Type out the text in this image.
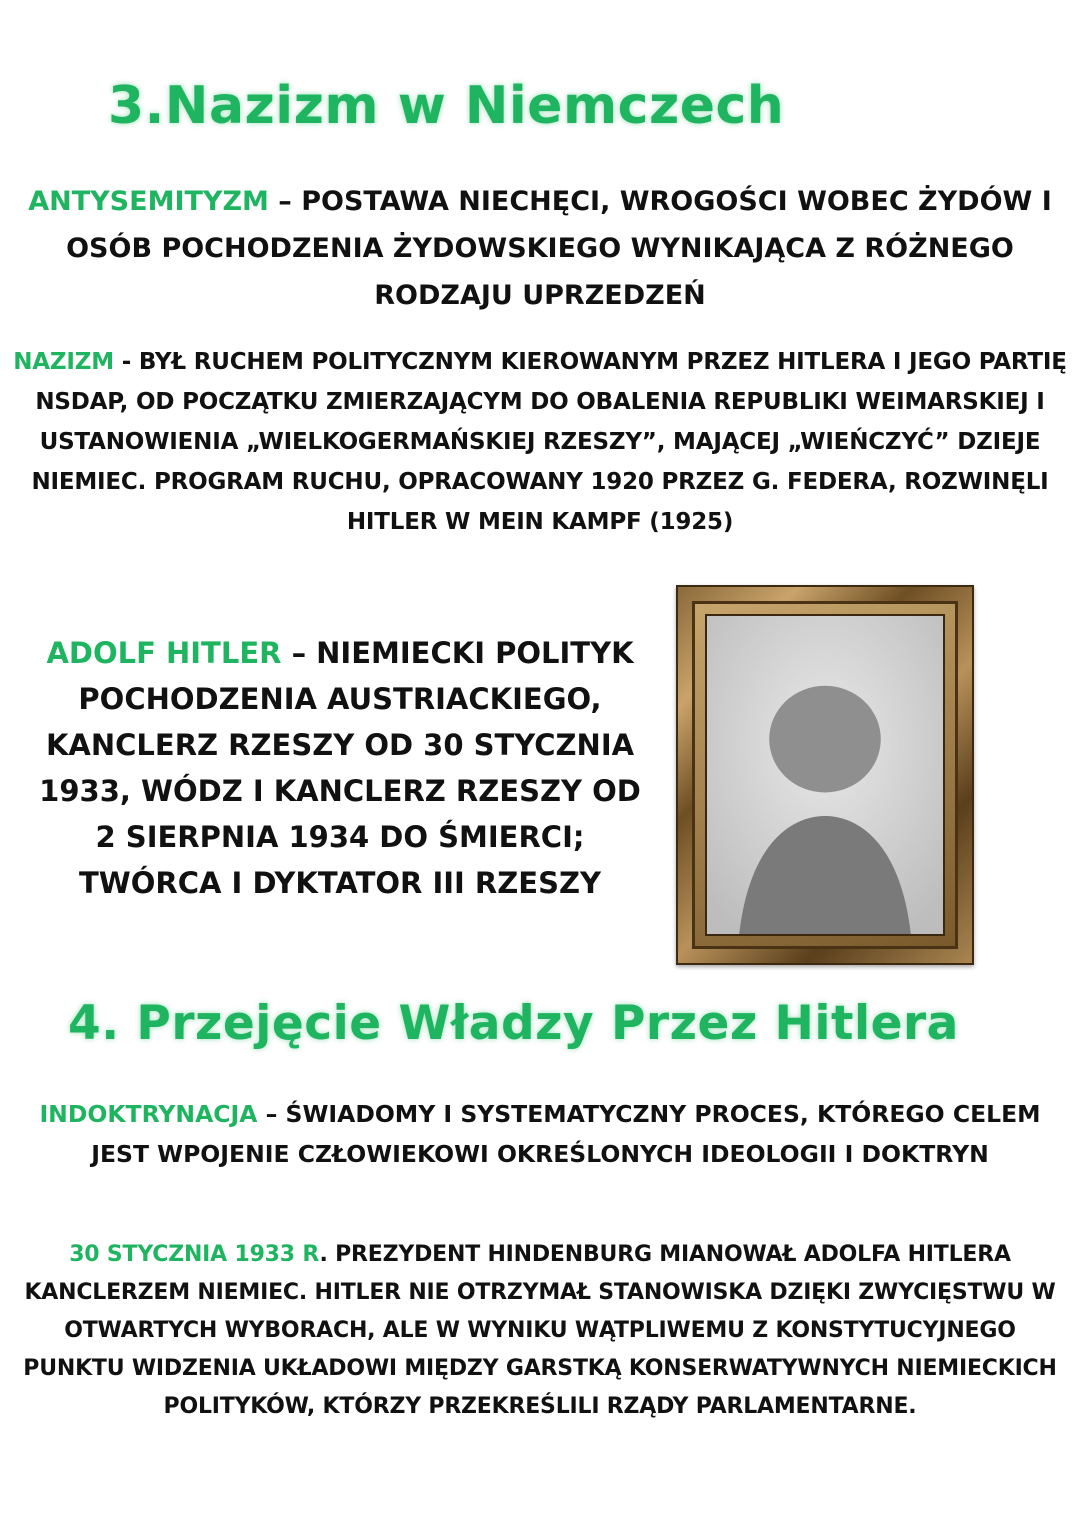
3.Nazizm w Niemczech

ANTYSEMITYZM – POSTAWA NIECHĘCI, WROGOŚCI WOBEC ŻYDÓW I OSÓB POCHODZENIA ŻYDOWSKIEGO WYNIKAJĄCA Z RÓŻNEGO RODZAJU UPRZEDZEŃ

NAZIZM - BYŁ RUCHEM POLITYCZNYM KIEROWANYM PRZEZ HITLERA I JEGO PARTIĘ NSDAP, OD POCZĄTKU ZMIERZAJĄCYM DO OBALENIA REPUBLIKI WEIMARSKIEJ I USTANOWIENIA „WIELKOGERMAŃSKIEJ RZESZY”, MAJĄCEJ „WIEŃCZYĆ” DZIEJE NIEMIEC. PROGRAM RUCHU, OPRACOWANY 1920 PRZEZ G. FEDERA, ROZWINĘLI HITLER W MEIN KAMPF (1925)

ADOLF HITLER – NIEMIECKI POLITYK POCHODZENIA AUSTRIACKIEGO, KANCLERZ RZESZY OD 30 STYCZNIA 1933, WÓDZ I KANCLERZ RZESZY OD 2 SIERPNIA 1934 DO ŚMIERCI; TWÓRCA I DYKTATOR III RZESZY

4. Przejęcie Władzy Przez Hitlera

INDOKTRYNACJA – ŚWIADOMY I SYSTEMATYCZNY PROCES, KTÓREGO CELEM JEST WPOJENIE CZŁOWIEKOWI OKREŚLONYCH IDEOLOGII I DOKTRYN

30 STYCZNIA 1933 R. PREZYDENT HINDENBURG MIANOWAŁ ADOLFA HITLERA KANCLERZEM NIEMIEC. HITLER NIE OTRZYMAŁ STANOWISKA DZIĘKI ZWYCIĘSTWU W OTWARTYCH WYBORACH, ALE W WYNIKU WĄTPLIWEMU Z KONSTYTUCYJNEGO PUNKTU WIDZENIA UKŁADOWI MIĘDZY GARSTKĄ KONSERWATYWNYCH NIEMIECKICH POLITYKÓW, KTÓRZY PRZEKREŚLILI RZĄDY PARLAMENTARNE.
